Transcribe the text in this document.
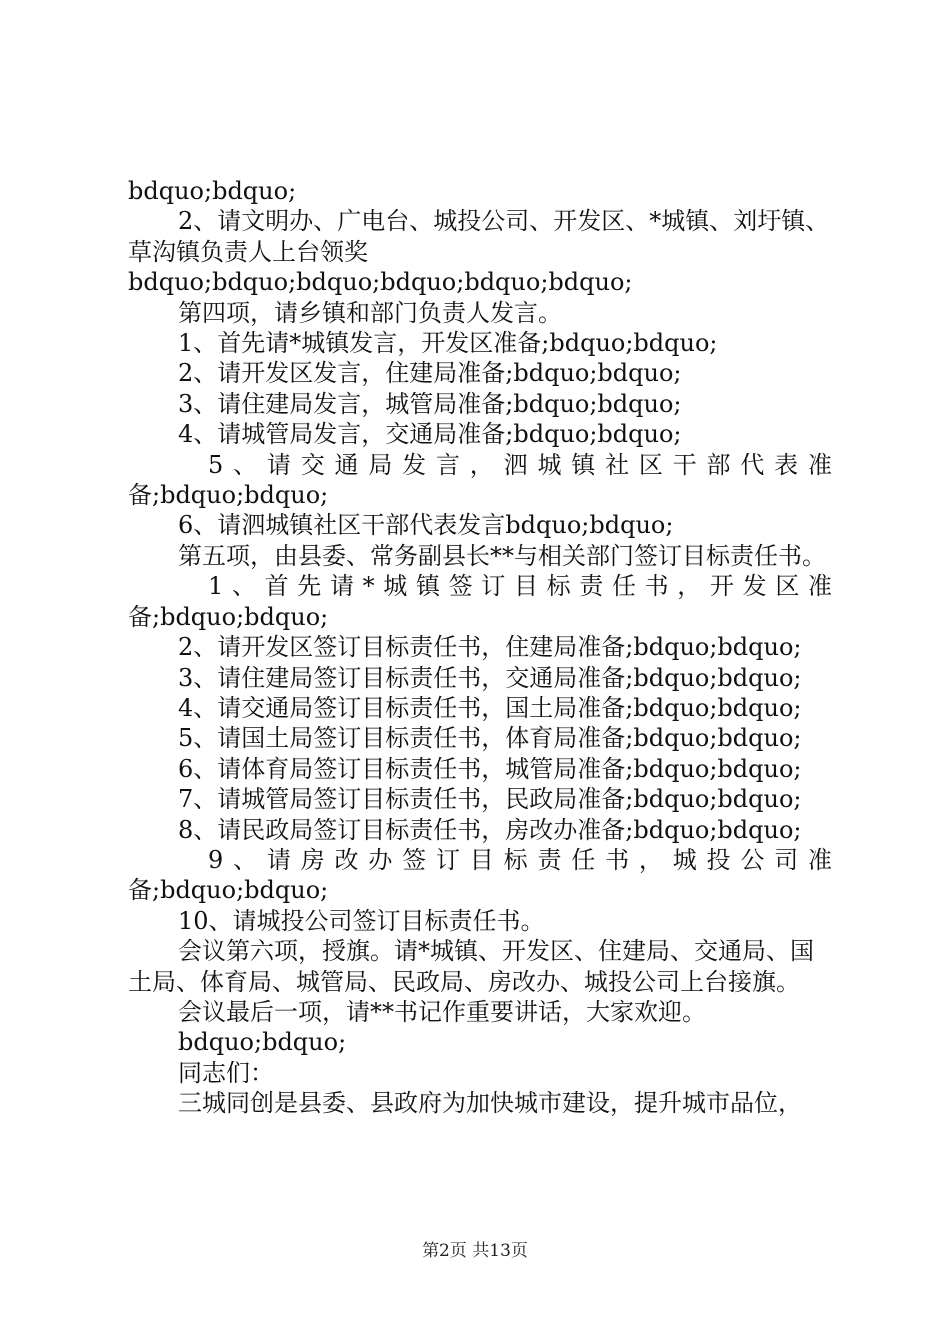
bdquo;bdquo;

2、请文明办、广电台、城投公司、开发区、*城镇、刘圩镇、草沟镇负责人上台领奖

bdquo;bdquo;bdquo;bdquo;bdquo;bdquo;

第四项，请乡镇和部门负责人发言。

1、首先请*城镇发言，开发区准备;bdquo;bdquo;

2、请开发区发言，住建局准备;bdquo;bdquo;

3、请住建局发言，城管局准备;bdquo;bdquo;

4、请城管局发言，交通局准备;bdquo;bdquo;

5、请交通局发言，泗城镇社区干部代表准

备;bdquo;bdquo;

6、请泗城镇社区干部代表发言bdquo;bdquo;

第五项，由县委、常务副县长**与相关部门签订目标责任书。

1、首先请*城镇签订目标责任书，开发区准

备;bdquo;bdquo;

2、请开发区签订目标责任书，住建局准备;bdquo;bdquo;

3、请住建局签订目标责任书，交通局准备;bdquo;bdquo;

4、请交通局签订目标责任书，国土局准备;bdquo;bdquo;

5、请国土局签订目标责任书，体育局准备;bdquo;bdquo;

6、请体育局签订目标责任书，城管局准备;bdquo;bdquo;

7、请城管局签订目标责任书，民政局准备;bdquo;bdquo;

8、请民政局签订目标责任书，房改办准备;bdquo;bdquo;

9、请房改办签订目标责任书，城投公司准

备;bdquo;bdquo;

10、请城投公司签订目标责任书。

会议第六项，授旗。请*城镇、开发区、住建局、交通局、国土局、体育局、城管局、民政局、房改办、城投公司上台接旗。

会议最后一项，请**书记作重要讲话，大家欢迎。

bdquo;bdquo;

同志们：

三城同创是县委、县政府为加快城市建设，提升城市品位，

第2页 共13页
